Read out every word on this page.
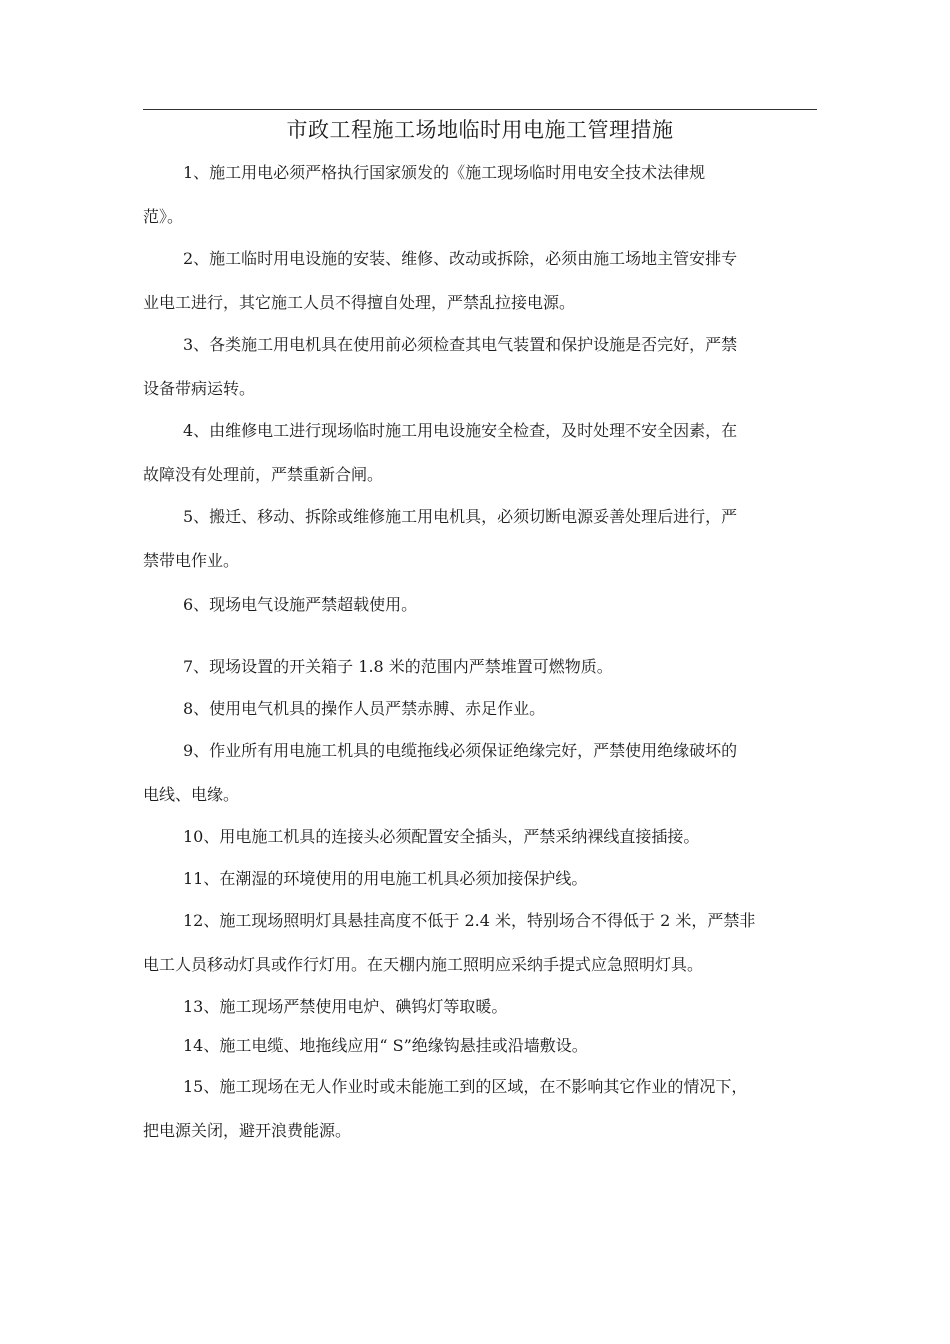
市政工程施工场地临时用电施工管理措施
1、施工用电必须严格执行国家颁发的《施工现场临时用电安全技术法律规
范》。
2、施工临时用电设施的安装、维修、改动或拆除，必须由施工场地主管安排专
业电工进行，其它施工人员不得擅自处理，严禁乱拉接电源。
3、各类施工用电机具在使用前必须检查其电气装置和保护设施是否完好，严禁
设备带病运转。
4、由维修电工进行现场临时施工用电设施安全检查，及时处理不安全因素，在
故障没有处理前，严禁重新合闸。
5、搬迁、移动、拆除或维修施工用电机具，必须切断电源妥善处理后进行，严
禁带电作业。
6、现场电气设施严禁超载使用。
7、现场设置的开关箱子 1.8 米的范围内严禁堆置可燃物质。
8、使用电气机具的操作人员严禁赤膊、赤足作业。
9、作业所有用电施工机具的电缆拖线必须保证绝缘完好，严禁使用绝缘破坏的
电线、电缘。
10、用电施工机具的连接头必须配置安全插头，严禁采纳裸线直接插接。
11、在潮湿的环境使用的用电施工机具必须加接保护线。
12、施工现场照明灯具悬挂高度不低于 2.4 米，特别场合不得低于 2 米，严禁非
电工人员移动灯具或作行灯用。在天棚内施工照明应采纳手提式应急照明灯具。
13、施工现场严禁使用电炉、碘钨灯等取暖。
14、施工电缆、地拖线应用“ S”绝缘钩悬挂或沿墙敷设。
15、施工现场在无人作业时或未能施工到的区域，在不影响其它作业的情况下，
把电源关闭，避开浪费能源。
